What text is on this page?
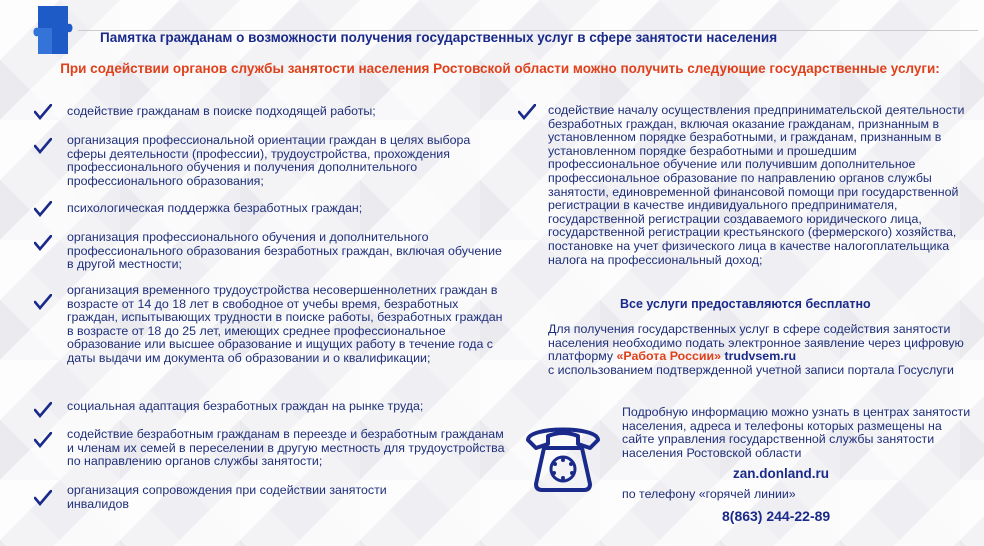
Памятка гражданам о возможности получения государственных услуг в сфере занятости населения
При содействии органов службы занятости населения Ростовской области можно получить следующие государственные услуги:
содействие гражданам в поиске подходящей работы;
организация профессиональной ориентации граждан в целях выбора сферы деятельности (профессии), трудоустройства, прохождения профессионального обучения и получения дополнительного профессионального образования;
психологическая поддержка безработных граждан;
организация профессионального обучения и дополнительного профессионального образования безработных граждан, включая обучение в другой местности;
организация временного трудоустройства несовершеннолетних граждан в возрасте от 14 до 18 лет в свободное от учебы время, безработных граждан, испытывающих трудности в поиске работы, безработных граждан в возрасте от 18 до 25 лет, имеющих среднее профессиональное образование или высшее образование и ищущих работу в течение года с даты выдачи им документа об образовании и о квалификации;
социальная адаптация безработных граждан на рынке труда;
содействие безработным гражданам в переезде и безработным гражданам и членам их семей в переселении в другую местность для трудоустройства по направлению органов службы занятости;
организация сопровождения при содействии занятости инвалидов
содействие началу осуществления предпринимательской деятельности безработных граждан, включая оказание гражданам, признанным в установленном порядке безработными, и гражданам, признанным в установленном порядке безработными и прошедшим профессиональное обучение или получившим дополнительное профессиональное образование по направлению органов службы занятости, единовременной финансовой помощи при государственной регистрации в качестве индивидуального предпринимателя, государственной регистрации создаваемого юридического лица, государственной регистрации крестьянского (фермерского) хозяйства, постановке на учет физического лица в качестве налогоплательщика налога на профессиональный доход;
Все услуги предоставляются бесплатно
Для получения государственных услуг в сфере содействия занятости населения необходимо подать электронное заявление через цифровую платформу «Работа России» trudvsem.ru
с использованием подтвержденной учетной записи портала Госуслуги
Подробную информацию можно узнать в центрах занятости населения, адреса и телефоны которых размещены на сайте управления государственной службы занятости населения Ростовской области
zan.donland.ru
по телефону «горячей линии»
8(863) 244-22-89
